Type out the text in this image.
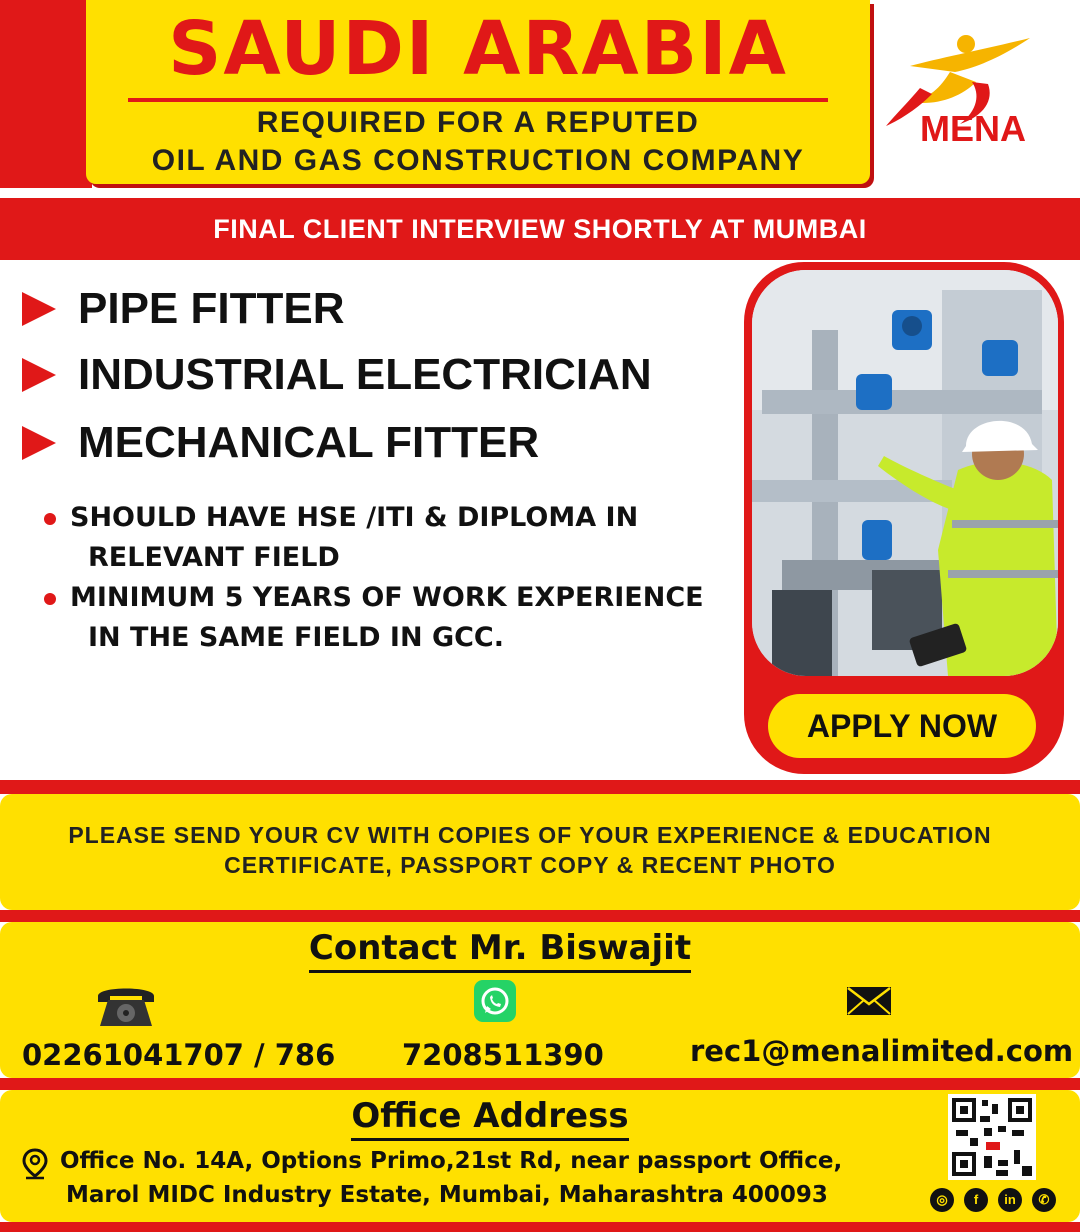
SAUDI ARABIA
REQUIRED FOR A REPUTED
OIL AND GAS CONSTRUCTION COMPANY
MENA
FINAL CLIENT INTERVIEW SHORTLY AT MUMBAI
PIPE FITTER
INDUSTRIAL ELECTRICIAN
MECHANICAL FITTER
SHOULD HAVE HSE /ITI & DIPLOMA IN
RELEVANT FIELD
MINIMUM 5 YEARS OF WORK EXPERIENCE
IN THE SAME FIELD IN GCC.
APPLY NOW
PLEASE SEND YOUR CV WITH COPIES OF YOUR EXPERIENCE & EDUCATION
CERTIFICATE, PASSPORT COPY & RECENT PHOTO
Contact Mr. Biswajit
02261041707 / 786 7208511390	rec1@menalimited.com
Office Address
Office No. 14A, Options Primo,21st Rd, near passport Office,
Marol MIDC Industry Estate, Mumbai, Maharashtra 400093	◎	f	in	✆
